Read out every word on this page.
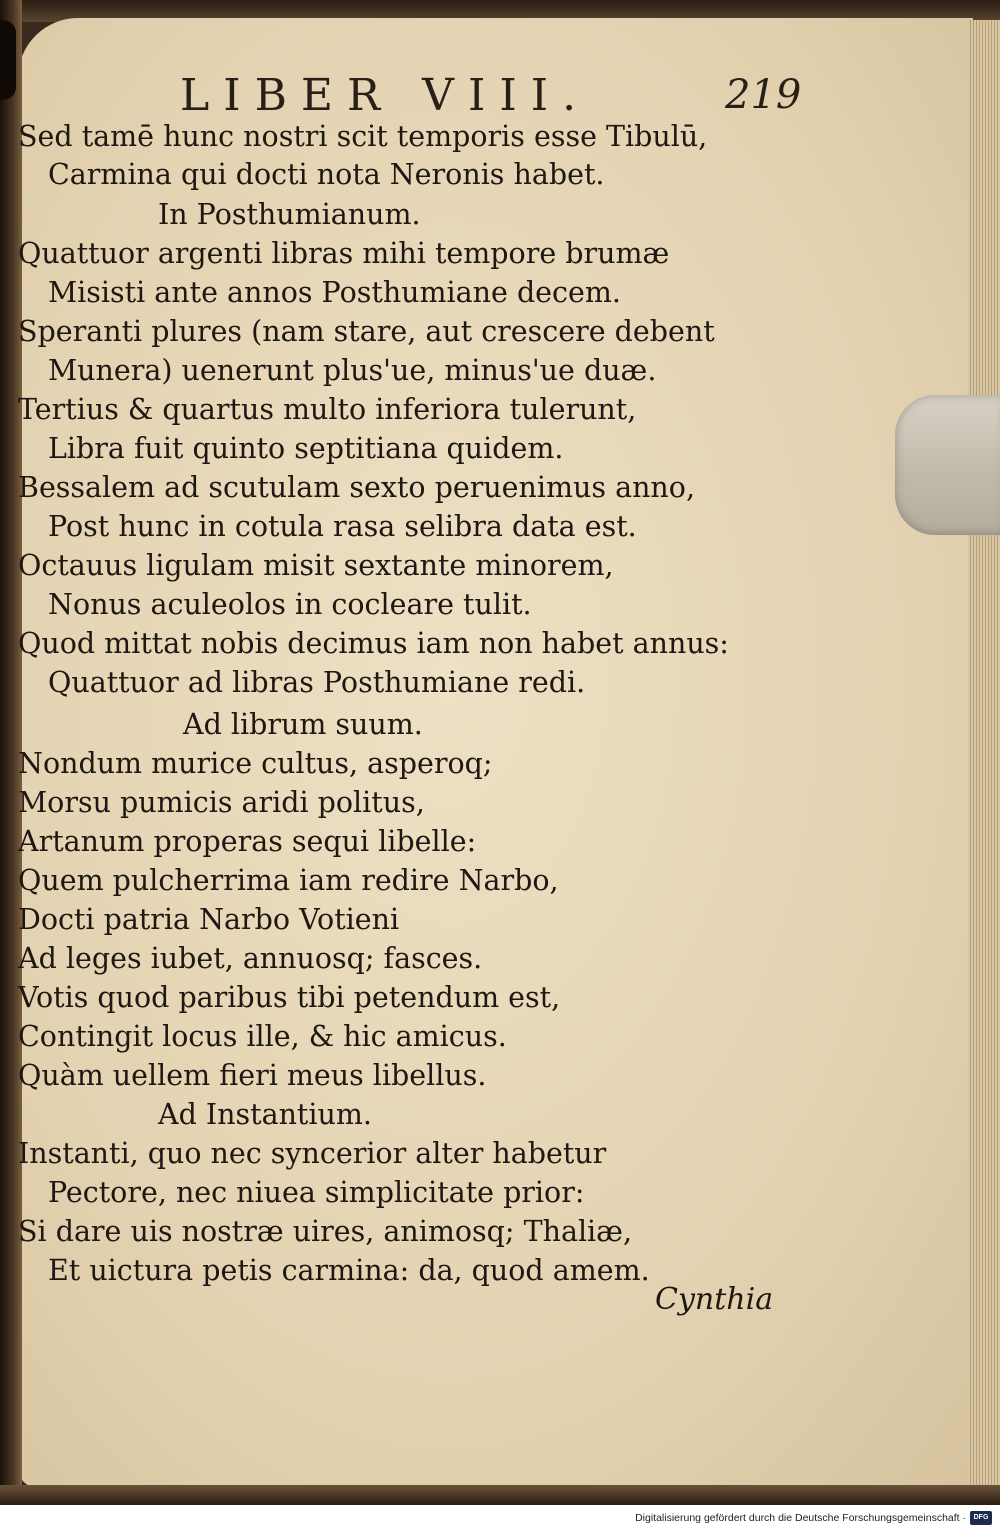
LIBER VIII.	219
Sed tamē hunc nostri scit temporis esse Tibulū,
Carmina qui docti nota Neronis habet.
In Posthumianum.
Quattuor argenti libras mihi tempore brumæ
Misisti ante annos Posthumiane decem.
Speranti plures (nam stare, aut crescere debent
Munera) uenerunt plus'ue, minus'ue duæ.
Tertius & quartus multo inferiora tulerunt,
Libra fuit quinto septitiana quidem.
Bessalem ad scutulam sexto peruenimus anno,
Post hunc in cotula rasa selibra data est.
Octauus ligulam misit sextante minorem,
Nonus aculeolos in cocleare tulit.
Quod mittat nobis decimus iam non habet annus:
Quattuor ad libras Posthumiane redi.
Ad librum suum.
Nondum murice cultus, asperoq;
Morsu pumicis aridi politus,
Artanum properas sequi libelle:
Quem pulcherrima iam redire Narbo,
Docti patria Narbo Votieni
Ad leges iubet, annuosq; fasces.
Votis quod paribus tibi petendum est,
Contingit locus ille, & hic amicus.
Quàm uellem fieri meus libellus.
Ad Instantium.
Instanti, quo nec syncerior alter habetur
Pectore, nec niuea simplicitate prior:
Si dare uis nostræ uires, animosq; Thaliæ,
Et uictura petis carmina: da, quod amem.
Cynthia
Digitalisierung gefördert durch die Deutsche Forschungsgemeinschaft ·	DFG
